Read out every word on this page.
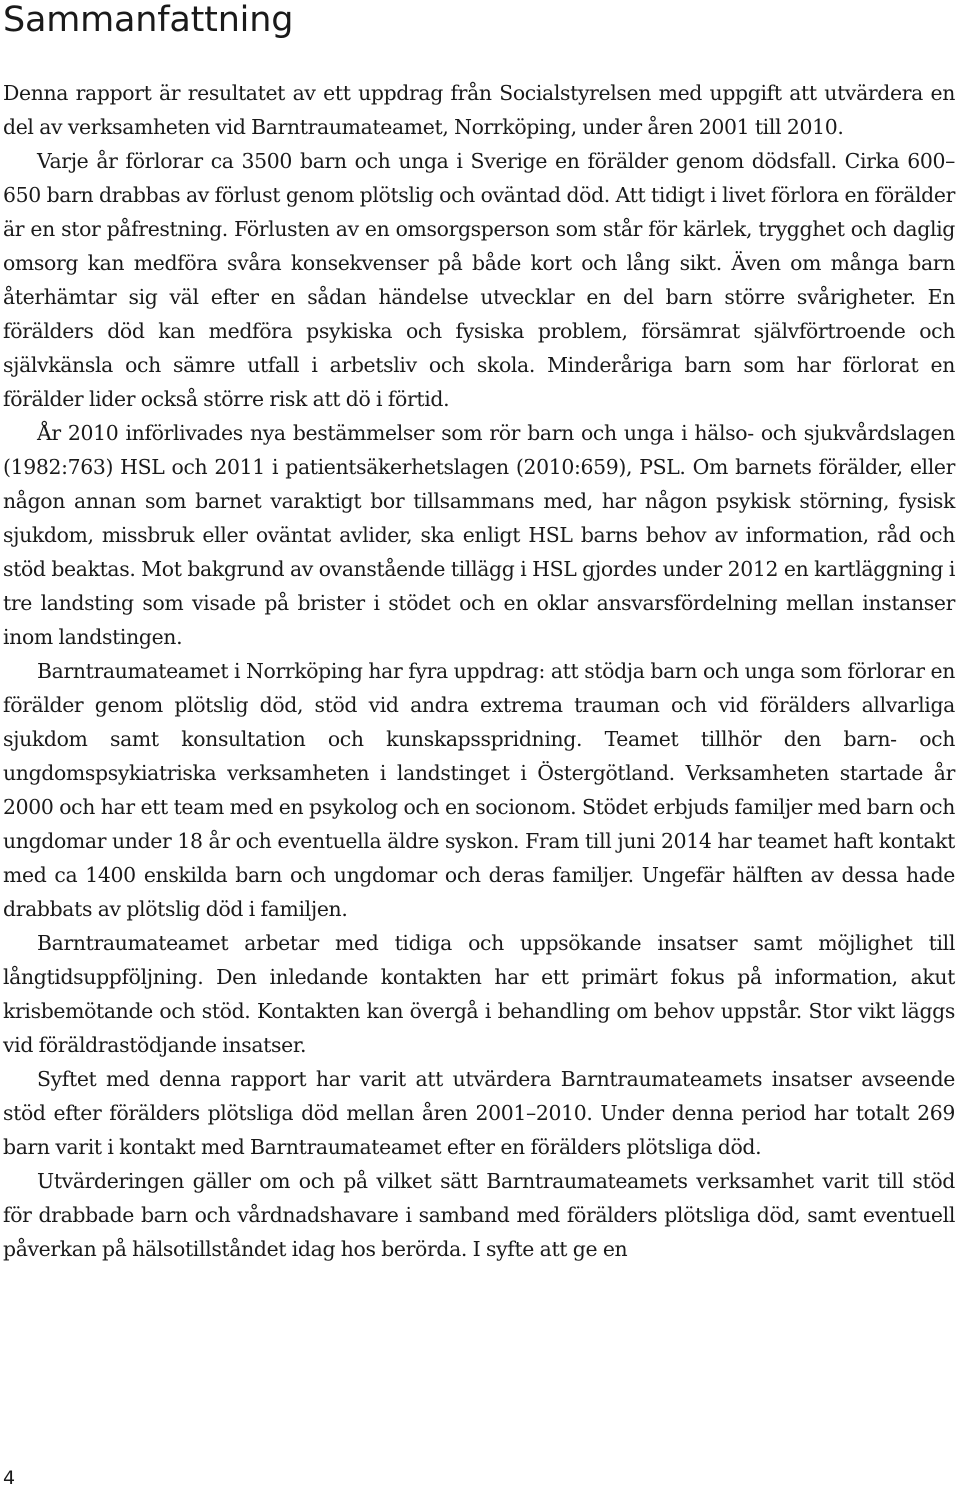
Sammanfattning

Denna rapport är resultatet av ett uppdrag från Socialstyrelsen med uppgift att utvärdera en del av verksamheten vid Barntraumateamet, Norrköping, under åren 2001 till 2010.

Varje år förlorar ca 3500 barn och unga i Sverige en förälder genom dödsfall. Cirka 600– 650 barn drabbas av förlust genom plötslig och oväntad död. Att tidigt i livet förlora en förälder är en stor påfrestning. Förlusten av en omsorgsperson som står för kärlek, trygghet och daglig omsorg kan medföra svåra konsekvenser på både kort och lång sikt. Även om många barn återhämtar sig väl efter en sådan händelse utvecklar en del barn större svårigheter. En förälders död kan medföra psykiska och fysiska problem, försämrat självförtroende och självkänsla och sämre utfall i arbetsliv och skola. Minderåriga barn som har förlorat en förälder lider också större risk att dö i förtid.

År 2010 införlivades nya bestämmelser som rör barn och unga i hälso- och sjukvårdslagen (1982:763) HSL och 2011 i patientsäkerhetslagen (2010:659), PSL. Om barnets förälder, eller någon annan som barnet varaktigt bor tillsammans med, har någon psykisk störning, fysisk sjukdom, missbruk eller oväntat avlider, ska enligt HSL barns behov av information, råd och stöd beaktas. Mot bakgrund av ovanstående tillägg i HSL gjordes under 2012 en kartläggning i tre landsting som visade på brister i stödet och en oklar ansvarsfördelning mellan instanser inom landstingen.

Barntraumateamet i Norrköping har fyra uppdrag: att stödja barn och unga som förlorar en förälder genom plötslig död, stöd vid andra extrema trauman och vid förälders allvarliga sjukdom samt konsultation och kunskapsspridning. Teamet tillhör den barn- och ungdomspsykiatriska verksamheten i landstinget i Östergötland. Verksamheten startade år 2000 och har ett team med en psykolog och en socionom. Stödet erbjuds familjer med barn och ungdomar under 18 år och eventuella äldre syskon. Fram till juni 2014 har teamet haft kontakt med ca 1400 enskilda barn och ungdomar och deras familjer. Ungefär hälften av dessa hade drabbats av plötslig död i familjen.

Barntraumateamet arbetar med tidiga och uppsökande insatser samt möjlighet till långtidsuppföljning. Den inledande kontakten har ett primärt fokus på information, akut krisbemötande och stöd. Kontakten kan övergå i behandling om behov uppstår. Stor vikt läggs vid föräldrastödjande insatser.

Syftet med denna rapport har varit att utvärdera Barntraumateamets insatser avseende stöd efter förälders plötsliga död mellan åren 2001–2010. Under denna period har totalt 269 barn varit i kontakt med Barntraumateamet efter en förälders plötsliga död.

Utvärderingen gäller om och på vilket sätt Barntraumateamets verksamhet varit till stöd för drabbade barn och vårdnadshavare i samband med förälders plötsliga död, samt eventuell påverkan på hälsotillståndet idag hos berörda. I syfte att ge en

4
